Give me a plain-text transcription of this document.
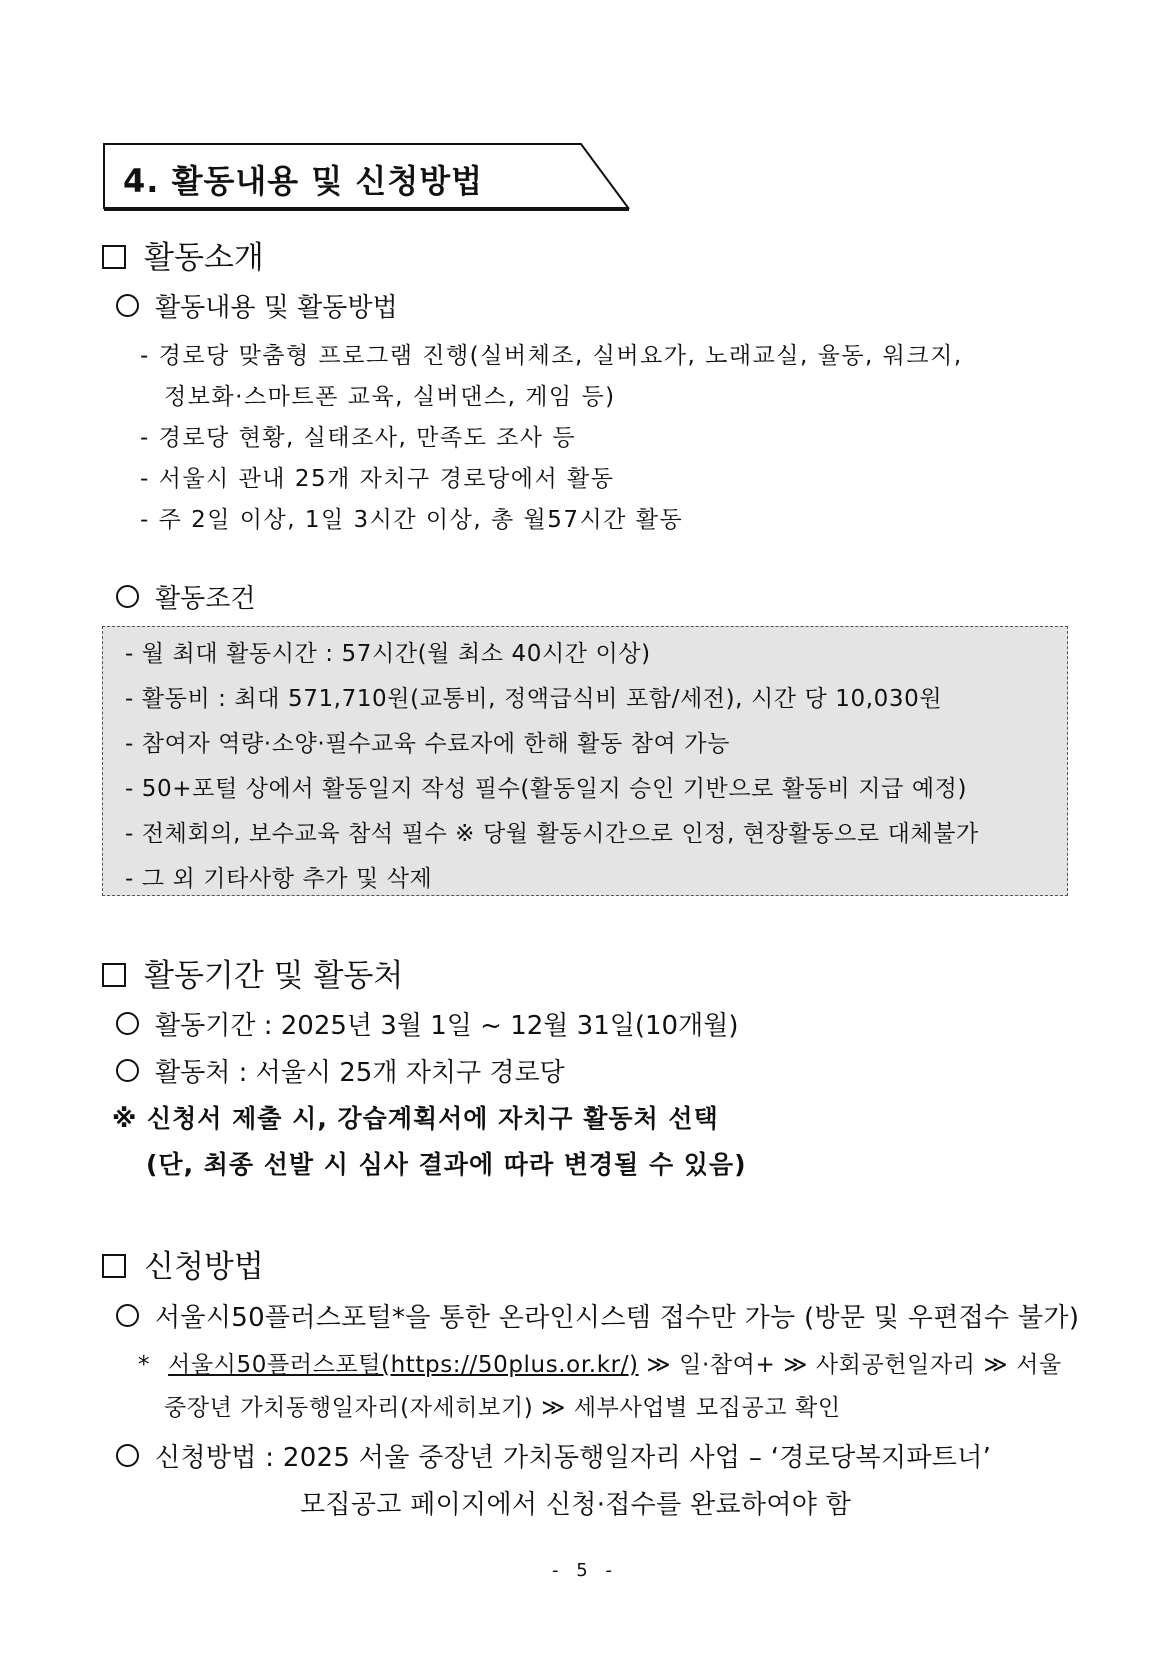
4. 활동내용 및 신청방법
활동소개
활동내용 및 활동방법
- 경로당 맞춤형 프로그램 진행(실버체조, 실버요가, 노래교실, 율동, 워크지,
정보화·스마트폰 교육, 실버댄스, 게임 등)
- 경로당 현황, 실태조사, 만족도 조사 등
- 서울시 관내 25개 자치구 경로당에서 활동
- 주 2일 이상, 1일 3시간 이상, 총 월57시간 활동
활동조건
- 월 최대 활동시간 : 57시간(월 최소 40시간 이상)
- 활동비 : 최대 571,710원(교통비, 정액급식비 포함/세전), 시간 당 10,030원
- 참여자 역량·소양·필수교육 수료자에 한해 활동 참여 가능
- 50+포털 상에서 활동일지 작성 필수(활동일지 승인 기반으로 활동비 지급 예정)
- 전체회의, 보수교육 참석 필수 ※ 당월 활동시간으로 인정, 현장활동으로 대체불가
- 그 외 기타사항 추가 및 삭제
활동기간 및 활동처
활동기간 : 2025년 3월 1일 ~ 12월 31일(10개월)
활동처 : 서울시 25개 자치구 경로당
※ 신청서 제출 시, 강습계획서에 자치구 활동처 선택
(단, 최종 선발 시 심사 결과에 따라 변경될 수 있음)
신청방법
서울시50플러스포털*을 통한 온라인시스템 접수만 가능 (방문 및 우편접수 불가)
* 서울시50플러스포털(https://50plus.or.kr/) ≫ 일·참여+ ≫ 사회공헌일자리 ≫ 서울
중장년 가치동행일자리(자세히보기) ≫ 세부사업별 모집공고 확인
신청방법 : 2025 서울 중장년 가치동행일자리 사업 – ‘경로당복지파트너’
모집공고 페이지에서 신청·접수를 완료하여야 함
- 5 -
